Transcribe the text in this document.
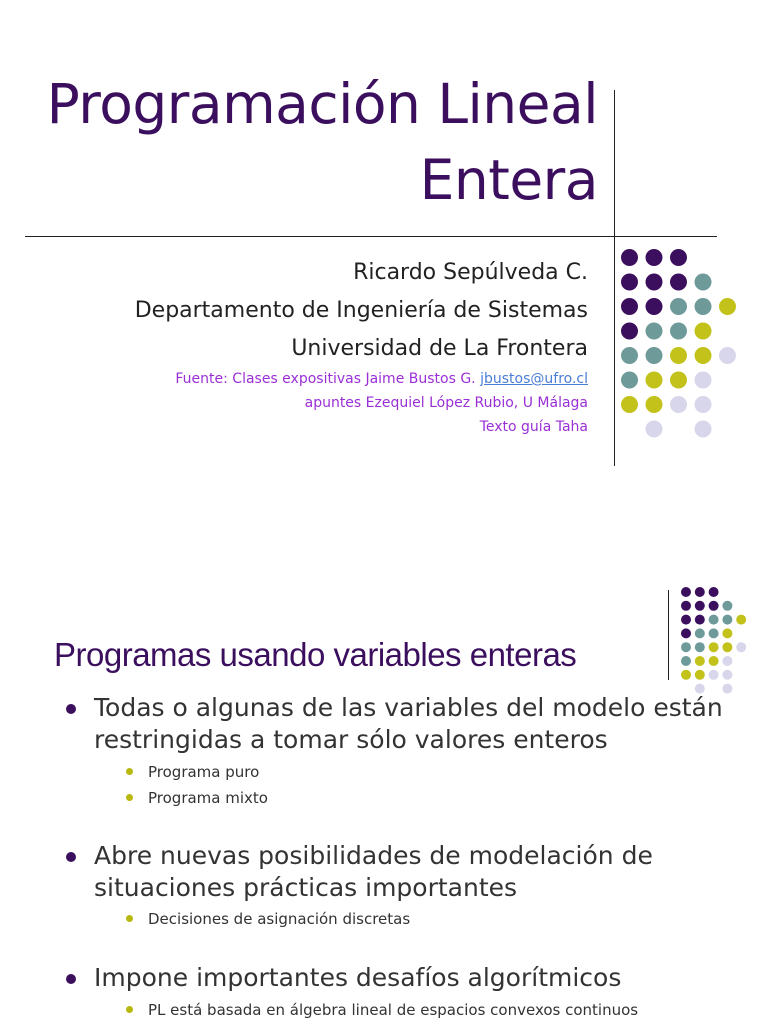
Programación Lineal
Entera
Ricardo Sepúlveda C.
Departamento de Ingeniería de Sistemas
Universidad de La Frontera
Fuente: Clases expositivas Jaime Bustos G. jbustos@ufro.cl
apuntes Ezequiel López Rubio, U Málaga
Texto guía Taha
Programas usando variables enteras
Todas o algunas de las variables del modelo están restringidas a tomar sólo valores enteros
Programa puro
Programa mixto
Abre nuevas posibilidades de modelación de situaciones prácticas importantes
Decisiones de asignación discretas
Impone importantes desafíos algorítmicos
PL está basada en álgebra lineal de espacios convexos continuos
